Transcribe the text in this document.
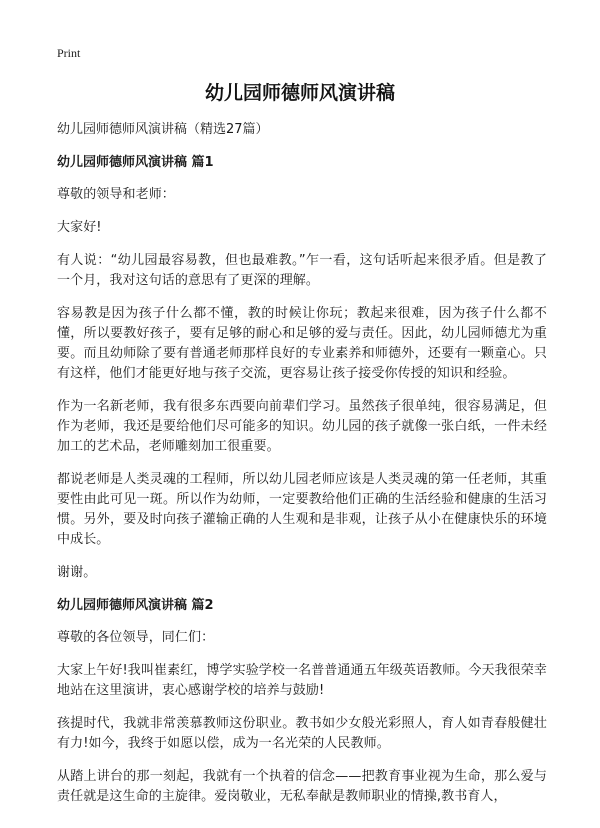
Print
幼儿园师德师风演讲稿

幼儿园师德师风演讲稿（精选27篇）

幼儿园师德师风演讲稿 篇1

尊敬的领导和老师：

大家好!

有人说：“幼儿园最容易教，但也最难教。”乍一看，这句话听起来很矛盾。但是教了一个月，我对这句话的意思有了更深的理解。

容易教是因为孩子什么都不懂，教的时候让你玩；教起来很难，因为孩子什么都不懂，所以要教好孩子，要有足够的耐心和足够的爱与责任。因此，幼儿园师德尤为重要。而且幼师除了要有普通老师那样良好的专业素养和师德外，还要有一颗童心。只有这样，他们才能更好地与孩子交流，更容易让孩子接受你传授的知识和经验。

作为一名新老师，我有很多东西要向前辈们学习。虽然孩子很单纯，很容易满足，但作为老师，我还是要给他们尽可能多的知识。幼儿园的孩子就像一张白纸，一件未经加工的艺术品，老师雕刻加工很重要。

都说老师是人类灵魂的工程师，所以幼儿园老师应该是人类灵魂的第一任老师，其重要性由此可见一斑。所以作为幼师，一定要教给他们正确的生活经验和健康的生活习惯。另外，要及时向孩子灌输正确的人生观和是非观，让孩子从小在健康快乐的环境中成长。

谢谢。

幼儿园师德师风演讲稿 篇2

尊敬的各位领导，同仁们：

大家上午好!我叫崔素红，博学实验学校一名普普通通五年级英语教师。今天我很荣幸地站在这里演讲，衷心感谢学校的培养与鼓励!

孩提时代，我就非常羡慕教师这份职业。教书如少女般光彩照人，育人如青春般健壮有力!如今，我终于如愿以偿，成为一名光荣的人民教师。

从踏上讲台的那一刻起，我就有一个执着的信念——把教育事业视为生命，那么爱与责任就是这生命的主旋律。爱岗敬业，无私奉献是教师职业的情操,教书育人，
